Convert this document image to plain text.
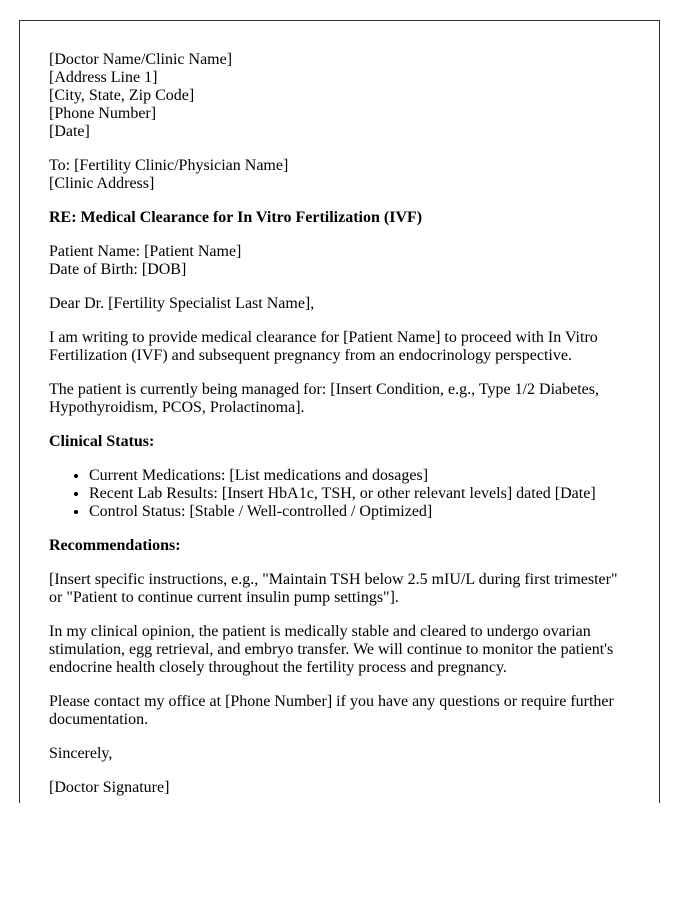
[Doctor Name/Clinic Name]
[Address Line 1]
[City, State, Zip Code]
[Phone Number]
[Date]
To: [Fertility Clinic/Physician Name]
[Clinic Address]

RE: Medical Clearance for In Vitro Fertilization (IVF)

Patient Name: [Patient Name]
Date of Birth: [DOB]

Dear Dr. [Fertility Specialist Last Name],

I am writing to provide medical clearance for [Patient Name] to proceed with In Vitro Fertilization (IVF) and subsequent pregnancy from an endocrinology perspective.

The patient is currently being managed for: [Insert Condition, e.g., Type 1/2 Diabetes, Hypothyroidism, PCOS, Prolactinoma].

Clinical Status:

• Current Medications: [List medications and dosages]
• Recent Lab Results: [Insert HbA1c, TSH, or other relevant levels] dated [Date]
• Control Status: [Stable / Well-controlled / Optimized]

Recommendations:

[Insert specific instructions, e.g., "Maintain TSH below 2.5 mIU/L during first trimester" or "Patient to continue current insulin pump settings"].

In my clinical opinion, the patient is medically stable and cleared to undergo ovarian stimulation, egg retrieval, and embryo transfer. We will continue to monitor the patient's endocrine health closely throughout the fertility process and pregnancy.

Please contact my office at [Phone Number] if you have any questions or require further documentation.

Sincerely,

[Doctor Signature]
